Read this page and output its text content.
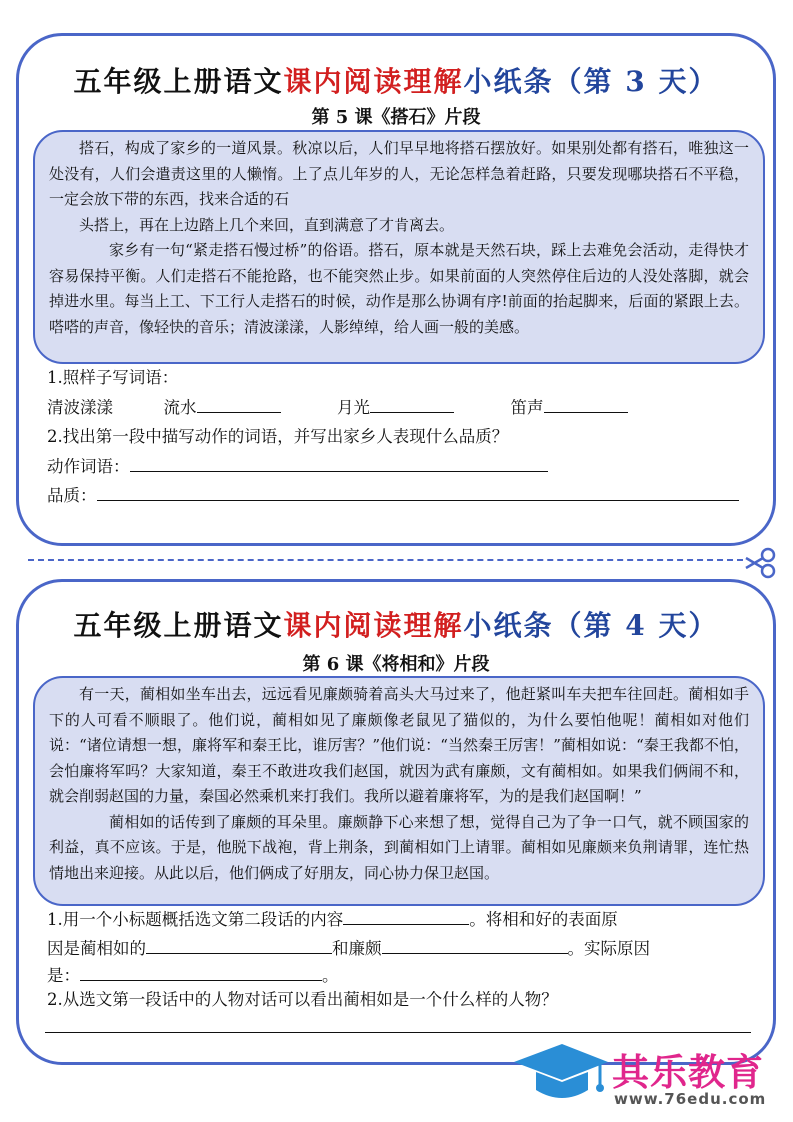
五年级上册语文课内阅读理解小纸条（第 3 天）
第 5 课《搭石》片段

搭石，构成了家乡的一道风景。秋凉以后，人们早早地将搭石摆放好。如果别处都有搭石，唯独这一处没有，人们会遣责这里的人懒惰。上了点儿年岁的人，无论怎样急着赶路，只要发现哪块搭石不平稳，一定会放下带的东西，找来合适的石

头搭上，再在上边踏上几个来回，直到满意了才肯离去。

家乡有一句“紧走搭石慢过桥”的俗语。搭石，原本就是天然石块，踩上去难免会活动，走得快才容易保持平衡。人们走搭石不能抢路，也不能突然止步。如果前面的人突然停住后边的人没处落脚，就会掉进水里。每当上工、下工行人走搭石的时候，动作是那么协调有序!前面的抬起脚来，后面的紧跟上去。嗒嗒的声音，像轻快的音乐；清波漾漾，人影绰绰，给人画一般的美感。

1.照样子写词语：
清波漾漾	流水	月光	笛声
2.找出第一段中描写动作的词语，并写出家乡人表现什么品质？
动作词语：
品质：
五年级上册语文课内阅读理解小纸条（第 4 天）
第 6 课《将相和》片段

有一天，蔺相如坐车出去，远远看见廉颇骑着高头大马过来了，他赶紧叫车夫把车往回赶。蔺相如手下的人可看不顺眼了。他们说，蔺相如见了廉颇像老鼠见了猫似的，为什么要怕他呢！蔺相如对他们说：“诸位请想一想，廉将军和秦王比，谁厉害？”他们说：“当然秦王厉害！”蔺相如说：“秦王我都不怕，会怕廉将军吗？大家知道，秦王不敢进攻我们赵国，就因为武有廉颇，文有蔺相如。如果我们俩闹不和，就会削弱赵国的力量，秦国必然乘机来打我们。我所以避着廉将军，为的是我们赵国啊！”

蔺相如的话传到了廉颇的耳朵里。廉颇静下心来想了想，觉得自己为了争一口气，就不顾国家的利益，真不应该。于是，他脱下战袍，背上荆条，到蔺相如门上请罪。蔺相如见廉颇来负荆请罪，连忙热情地出来迎接。从此以后，他们俩成了好朋友，同心协力保卫赵国。

1.用一个小标题概括选文第二段话的内容	。将相和好的表面原
因是蔺相如的	和廉颇	。实际原因
是：	。
2.从选文第一段话中的人物对话可以看出蔺相如是一个什么样的人物？
其乐教育
www.76edu.com
